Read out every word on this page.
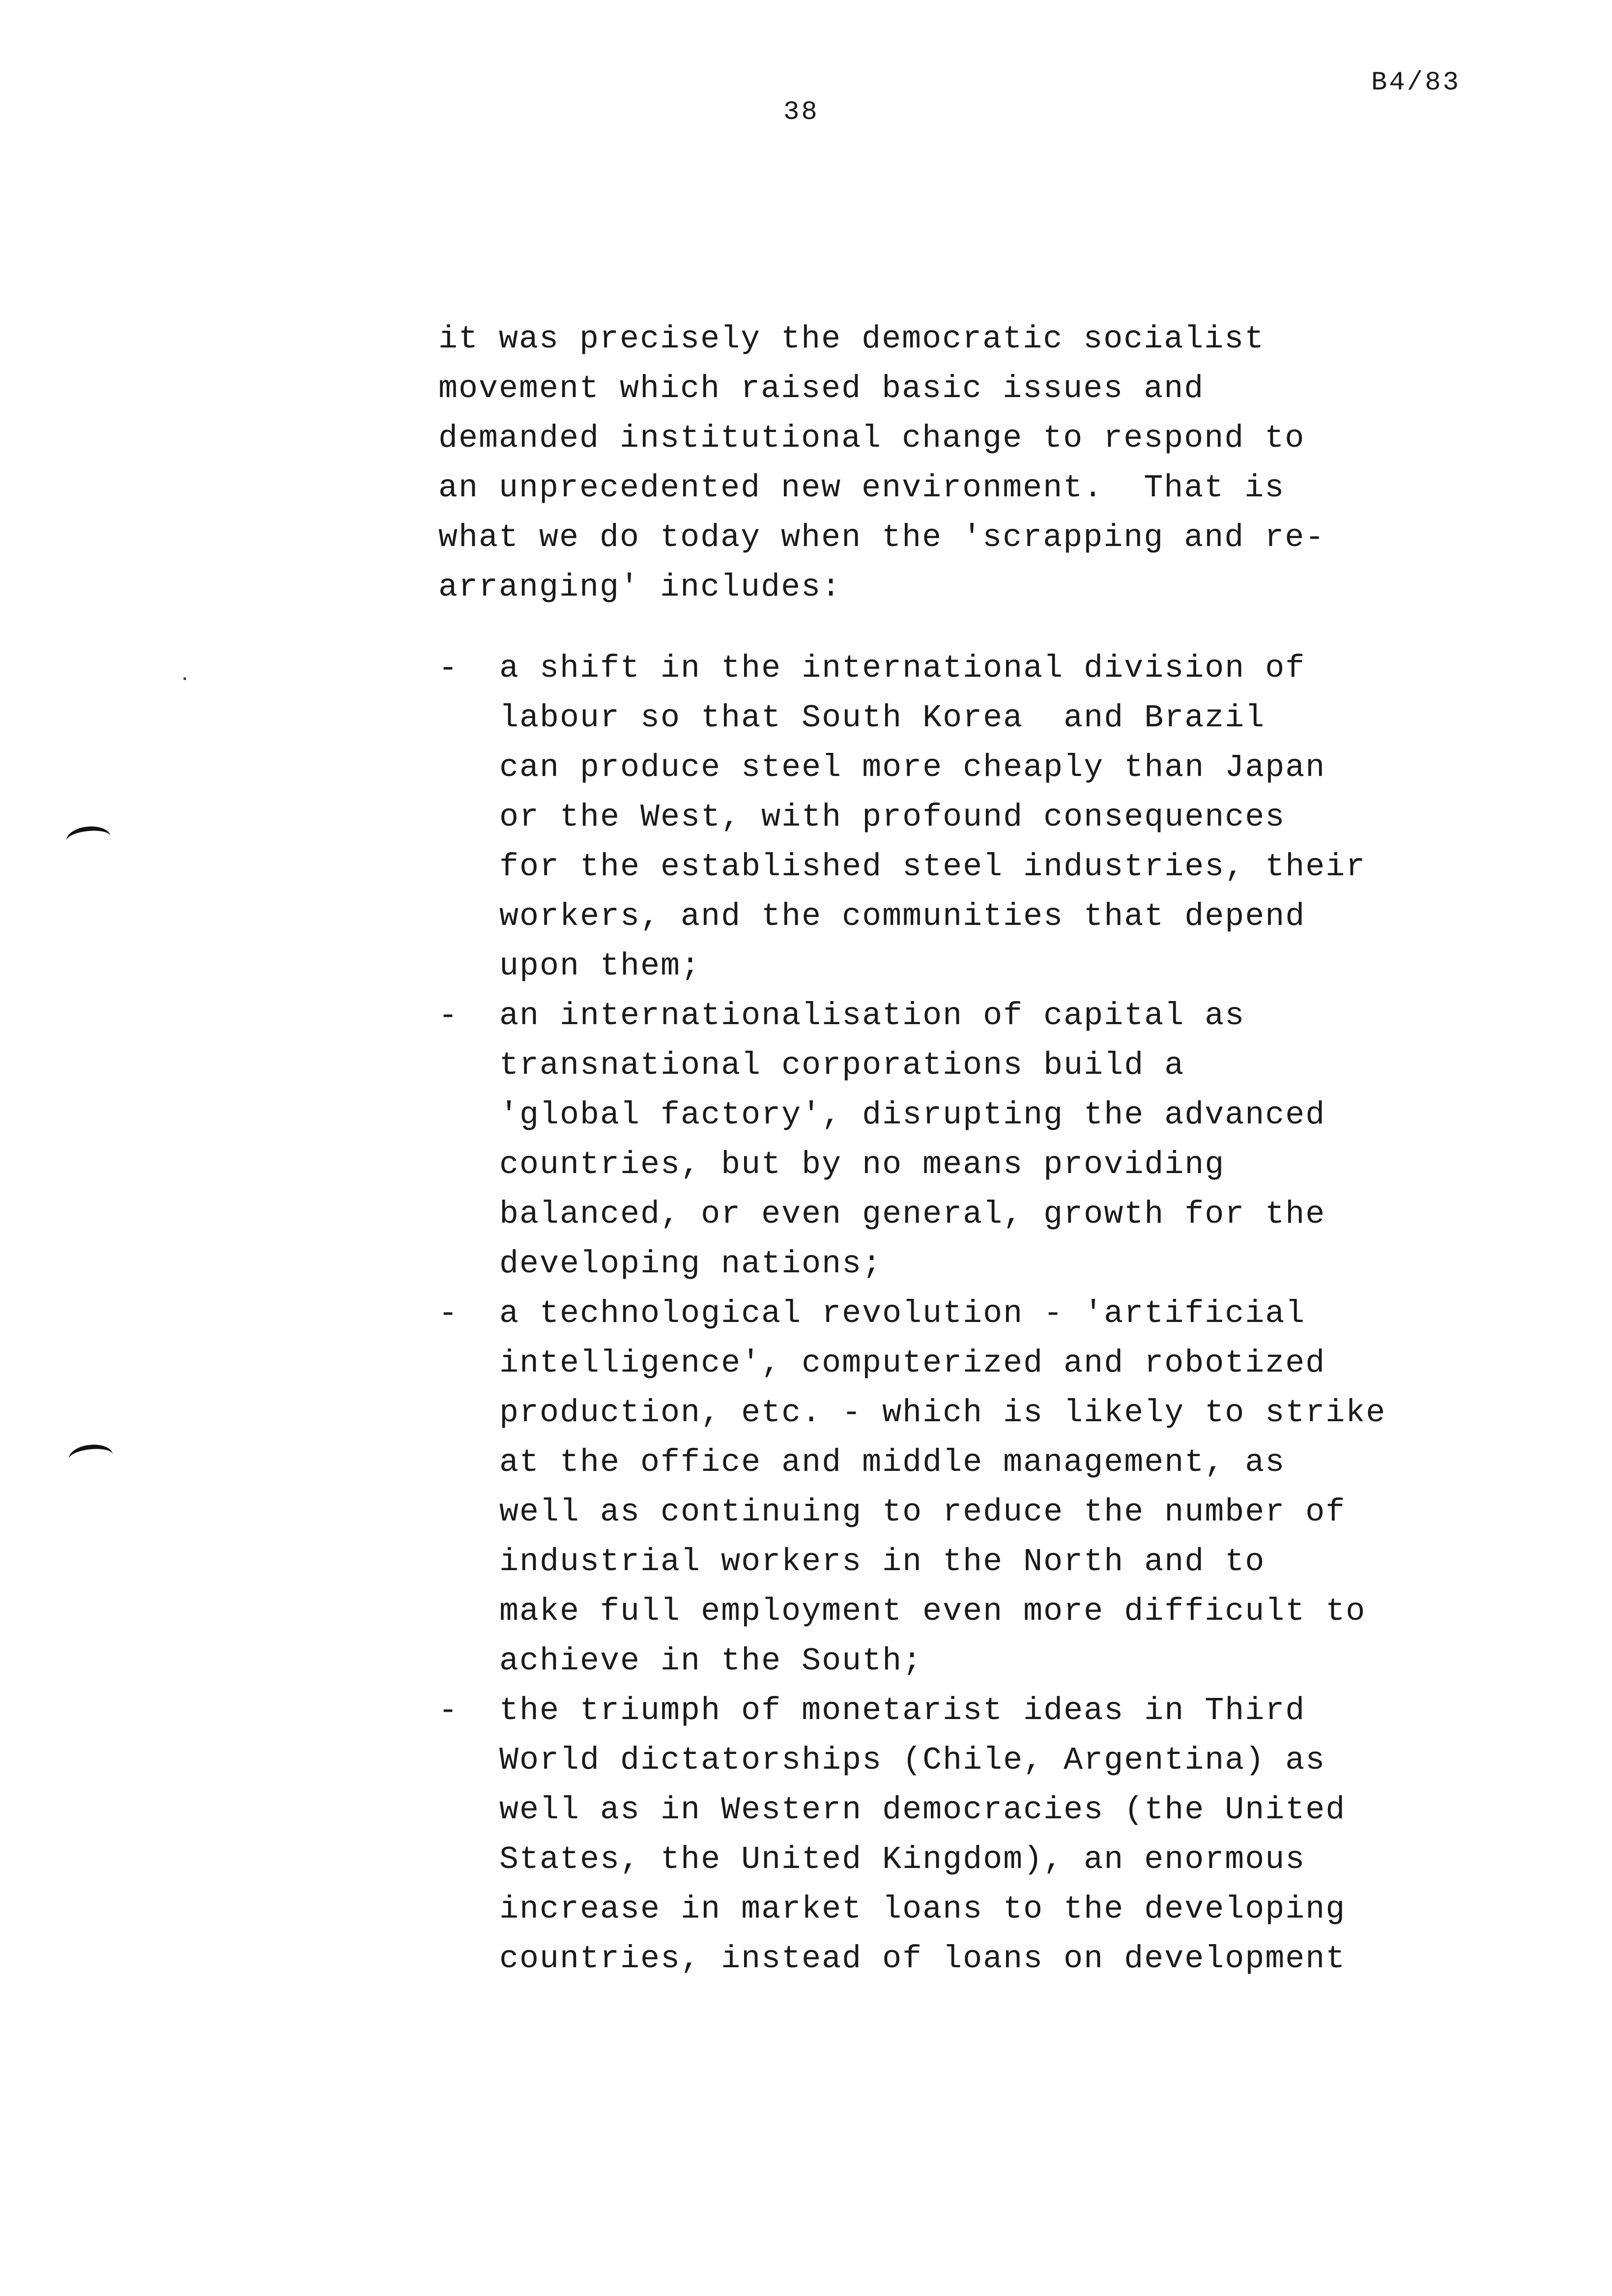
B4/83
38
it was precisely the democratic socialist
movement which raised basic issues and
demanded institutional change to respond to
an unprecedented new environment.  That is
what we do today when the 'scrapping and re-
arranging' includes:
- a shift in the international division of
labour so that South Korea  and Brazil
can produce steel more cheaply than Japan
or the West, with profound consequences
for the established steel industries, their
workers, and the communities that depend
upon them;
- an internationalisation of capital as
transnational corporations build a
'global factory', disrupting the advanced
countries, but by no means providing
balanced, or even general, growth for the
developing nations;
- a technological revolution - 'artificial
intelligence', computerized and robotized
production, etc. - which is likely to strike
at the office and middle management, as
well as continuing to reduce the number of
industrial workers in the North and to
make full employment even more difficult to
achieve in the South;
- the triumph of monetarist ideas in Third
World dictatorships (Chile, Argentina) as
well as in Western democracies (the United
States, the United Kingdom), an enormous
increase in market loans to the developing
countries, instead of loans on development
